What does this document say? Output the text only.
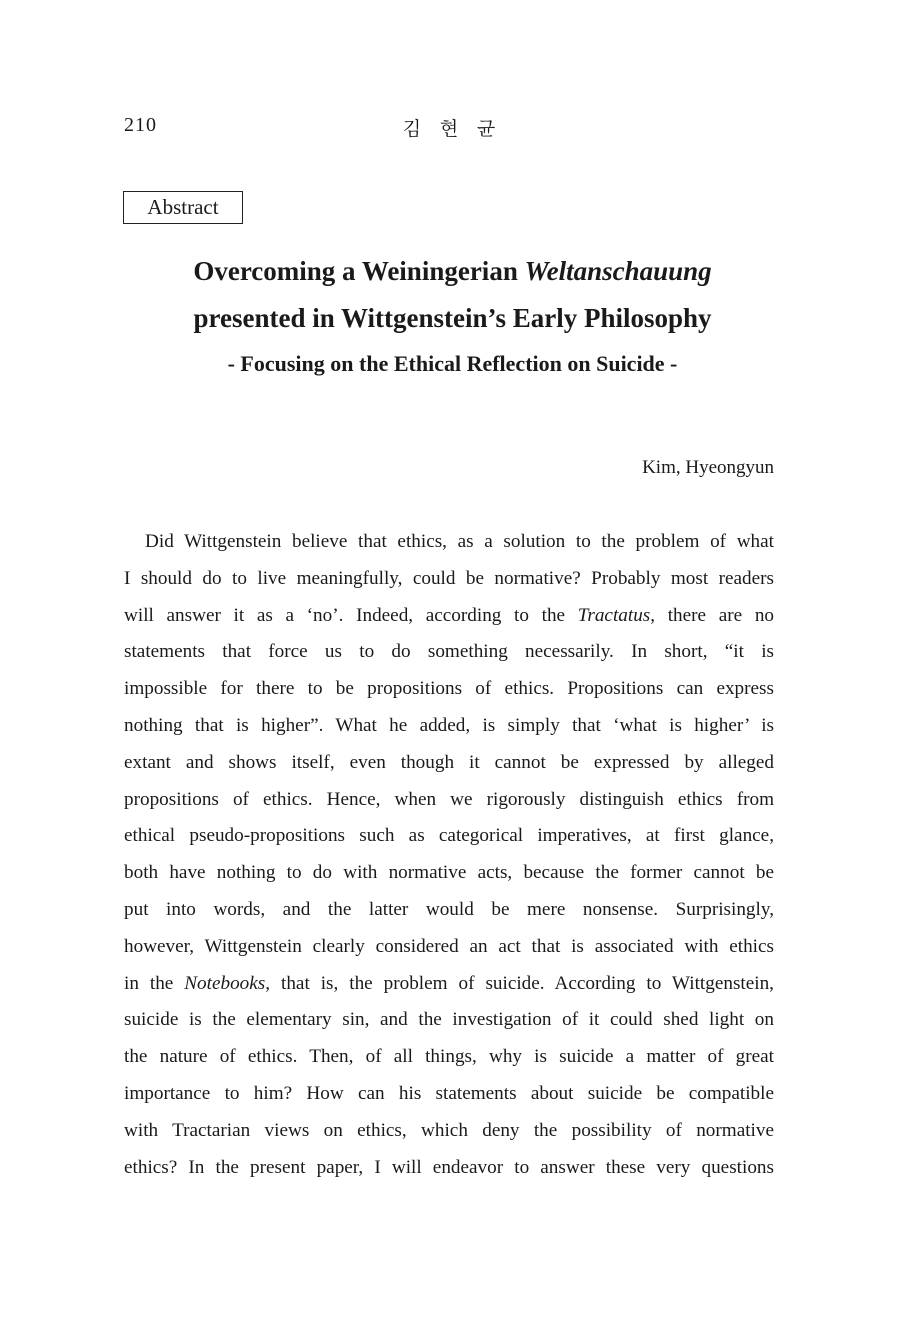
210	김 현 균
Abstract
Overcoming a Weiningerian Weltanschauung
presented in Wittgenstein’s Early Philosophy
- Focusing on the Ethical Reflection on Suicide -
Kim, Hyeongyun
Did Wittgenstein believe that ethics, as a solution to the problem of what
I should do to live meaningfully, could be normative? Probably most readers
will answer it as a ‘no’. Indeed, according to the Tractatus, there are no
statements that force us to do something necessarily. In short, “it is
impossible for there to be propositions of ethics. Propositions can express
nothing that is higher”. What he added, is simply that ‘what is higher’ is
extant and shows itself, even though it cannot be expressed by alleged
propositions of ethics. Hence, when we rigorously distinguish ethics from
ethical pseudo-propositions such as categorical imperatives, at first glance,
both have nothing to do with normative acts, because the former cannot be
put into words, and the latter would be mere nonsense. Surprisingly,
however, Wittgenstein clearly considered an act that is associated with ethics
in the Notebooks, that is, the problem of suicide. According to Wittgenstein,
suicide is the elementary sin, and the investigation of it could shed light on
the nature of ethics. Then, of all things, why is suicide a matter of great
importance to him? How can his statements about suicide be compatible
with Tractarian views on ethics, which deny the possibility of normative
ethics? In the present paper, I will endeavor to answer these very questions
